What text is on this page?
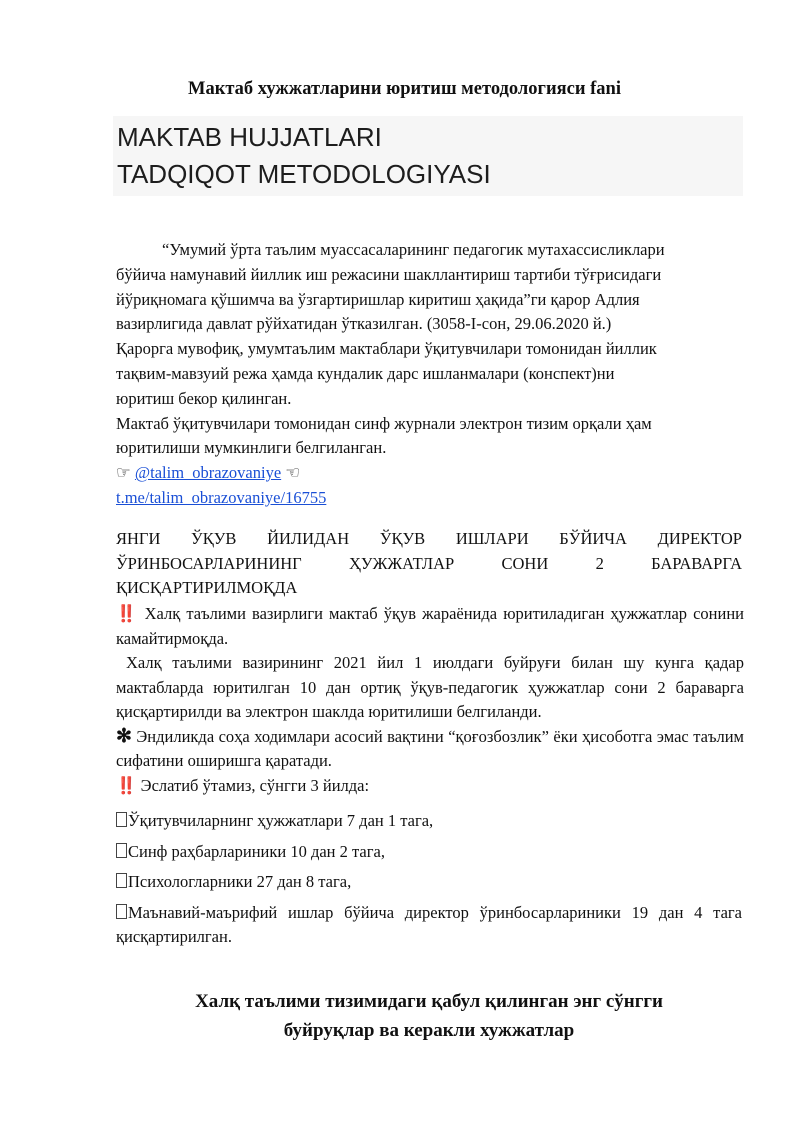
Мактаб хужжатларини юритиш методологияси fani
MAKTAB HUJJATLARI
TADQIQOT METODOLOGIYASI
“Умумий ўрта таълим муассасаларининг педагогик мутахассисликлари
бўйича намунавий йиллик иш режасини шакллантириш тартиби тўғрисидаги
йўриқномага қўшимча ва ўзгартиришлар киритиш ҳақида”ги қарор Адлия
вазирлигида давлат рўйхатидан ўтказилган. (3058-I-сон, 29.06.2020 й.)
Қарорга мувофиқ, умумтаълим мактаблари ўқитувчилари томонидан йиллик
тақвим-мавзуий режа ҳамда кундалик дарс ишланмалари (конспект)ни
юритиш бекор қилинган.
Мактаб ўқитувчилари томонидан синф журнали электрон тизим орқали ҳам
юритилиши мумкинлиги белгиланган.
☞ @talim_obrazovaniye ☜
t.me/talim_obrazovaniye/16755
ЯНГИ ЎҚУВ ЙИЛИДАН ЎҚУВ ИШЛАРИ БЎЙИЧА ДИРЕКТОР
ЎРИНБОСАРЛАРИНИНГ ҲУЖЖАТЛАР СОНИ 2 БАРАВАРГА
ҚИСҚАРТИРИЛМОҚДА
‼️ Халқ таълими вазирлиги мактаб ўқув жараёнида юритиладиган ҳужжатлар сонини камайтирмоқда.
Халқ таълими вазирининг 2021 йил 1 июлдаги буйруғи билан шу кунга қадар мактабларда юритилган 10 дан ортиқ ўқув-педагогик ҳужжатлар сони 2 бараварга қисқартирилди ва электрон шаклда юритилиши белгиланди.
✻ Эндиликда соҳа ходимлари асосий вақтини “қоғозбозлик” ёки ҳисоботга эмас таълим сифатини оширишга қаратади.
‼️ Эслатиб ўтамиз, сўнгги 3 йилда:
Ўқитувчиларнинг ҳужжатлари 7 дан 1 тага,
Синф раҳбарлариники 10 дан 2 тага,
Психологларники 27 дан 8 тага,
Маънавий-маърифий ишлар бўйича директор ўринбосарлариники 19 дан 4 тага қисқартирилган.
Халқ таълими тизимидаги қабул қилинган энг сўнгги
буйруқлар ва керакли хужжатлар
